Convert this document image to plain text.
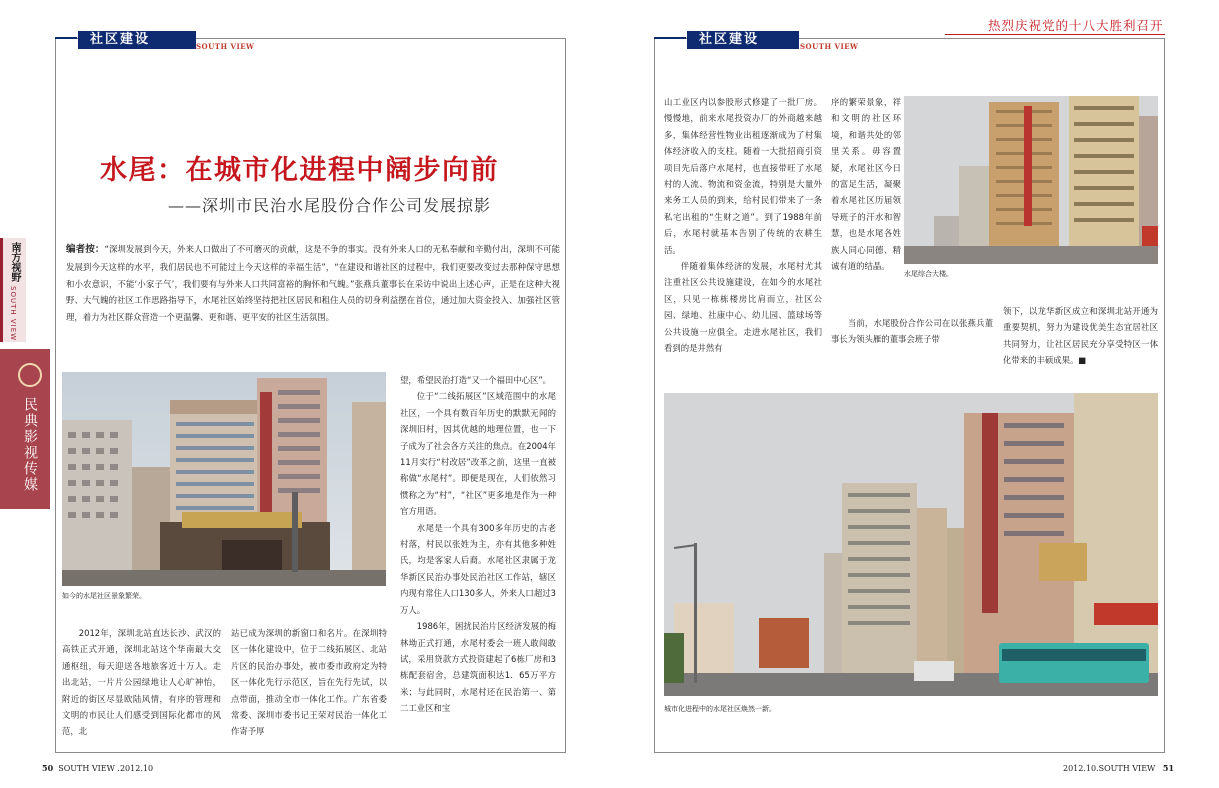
社区建设	SOUTH VIEW
水尾：在城市化进程中阔步向前
——深圳市民治水尾股份合作公司发展掠影
编者按：“深圳发展到今天，外来人口做出了不可磨灭的贡献，这是不争的事实。没有外来人口的无私奉献和辛勤付出，深圳不可能发展到今天这样的水平，我们居民也不可能过上今天这样的幸福生活”，“在建设和谐社区的过程中，我们更要改变过去那种保守思想和小农意识，不能‘小家子气’，我们要有与外来人口共同富裕的胸怀和气魄。”张燕兵董事长在采访中说出上述心声，正是在这种大视野、大气魄的社区工作思路指导下，水尾社区始终坚持把社区居民和租住人员的切身利益摆在首位，通过加大资金投入、加强社区管理，着力为社区群众营造一个更温馨、更和谐、更平安的社区生活氛围。
如今的水尾社区景象繁荣。

望，希望民治打造“又一个福田中心区”。

位于“二线拓展区”区域范围中的水尾社区，一个具有数百年历史的默默无闻的深圳旧村，因其优越的地理位置，也一下子成为了社会各方关注的焦点。在2004年11月实行“村改居”改革之前，这里一直被称做“水尾村”。即便是现在，人们依然习惯称之为“村”，“社区”更多地是作为一种官方用语。

水尾是一个具有300多年历史的古老村落，村民以张姓为主，亦有其他多种姓氏，均是客家人后裔。水尾社区隶属于龙华新区民治办事处民治社区工作站，辖区内现有常住人口130多人，外来人口超过3万人。

1986年，困扰民治片区经济发展的梅林坳正式打通，水尾村委会一班人敢闯敢试，采用贷款方式投资建起了6栋厂房和3栋配套宿舍，总建筑面积达1．65万平方米；与此同时，水尾村还在民治第一、第二工业区和宝

2012年，深圳北站直达长沙、武汉的高铁正式开通，深圳北站这个华南最大交通枢纽，每天迎送各地旅客近十万人。走出北站，一片片公园绿地让人心旷神怡，附近的街区尽显欧陆风情，有序的管理和文明的市民让人们感受到国际化都市的风范，北

站已成为深圳的新窗口和名片。在深圳特区一体化建设中，位于二线拓展区、北站片区的民治办事处，被市委市政府定为特区一体化先行示范区，旨在先行先试，以点带面，推动全市一体化工作。广东省委常委、深圳市委书记王荣对民治一体化工作寄予厚

南方视野
SOUTH VIEW
民典影视传媒
50 SOUTH VIEW .2012.10
热烈庆祝党的十八大胜利召开
社区建设	SOUTH VIEW

山工业区内以参股形式修建了一批厂房。慢慢地，前来水尾投资办厂的外商越来越多，集体经营性物业出租逐渐成为了村集体经济收入的支柱。随着一大批招商引资项目先后落户水尾村，也直接带旺了水尾村的人流、物流和资金流，特别是大量外来务工人员的到来，给村民们带来了一条私宅出租的“生财之道”。到了1988年前后，水尾村就基本告别了传统的农耕生活。

伴随着集体经济的发展，水尾村尤其注重社区公共设施建设，在如今的水尾社区，只见一栋栋楼房比肩而立，社区公园、绿地、社康中心、幼儿园、篮球场等公共设施一应俱全。走进水尾社区，我们看到的是井然有

序的繁荣景象，祥和文明的社区环境，和谐共处的邻里关系。毋容置疑，水尾社区今日的富足生活，凝聚着水尾社区历届领导班子的汗水和智慧，也是水尾各姓族人同心同德、精诚有道的结晶。

当前，水尾股份合作公司在以张燕兵董事长为领头雁的董事会班子带

领下，以龙华新区成立和深圳北站开通为重要契机，努力为建设优美生态宜居社区共同努力，让社区居民充分享受特区一体化带来的丰硕成果。■

水尾综合大楼。
城市化进程中的水尾社区焕然一新。
2012.10.SOUTH VIEW 51
